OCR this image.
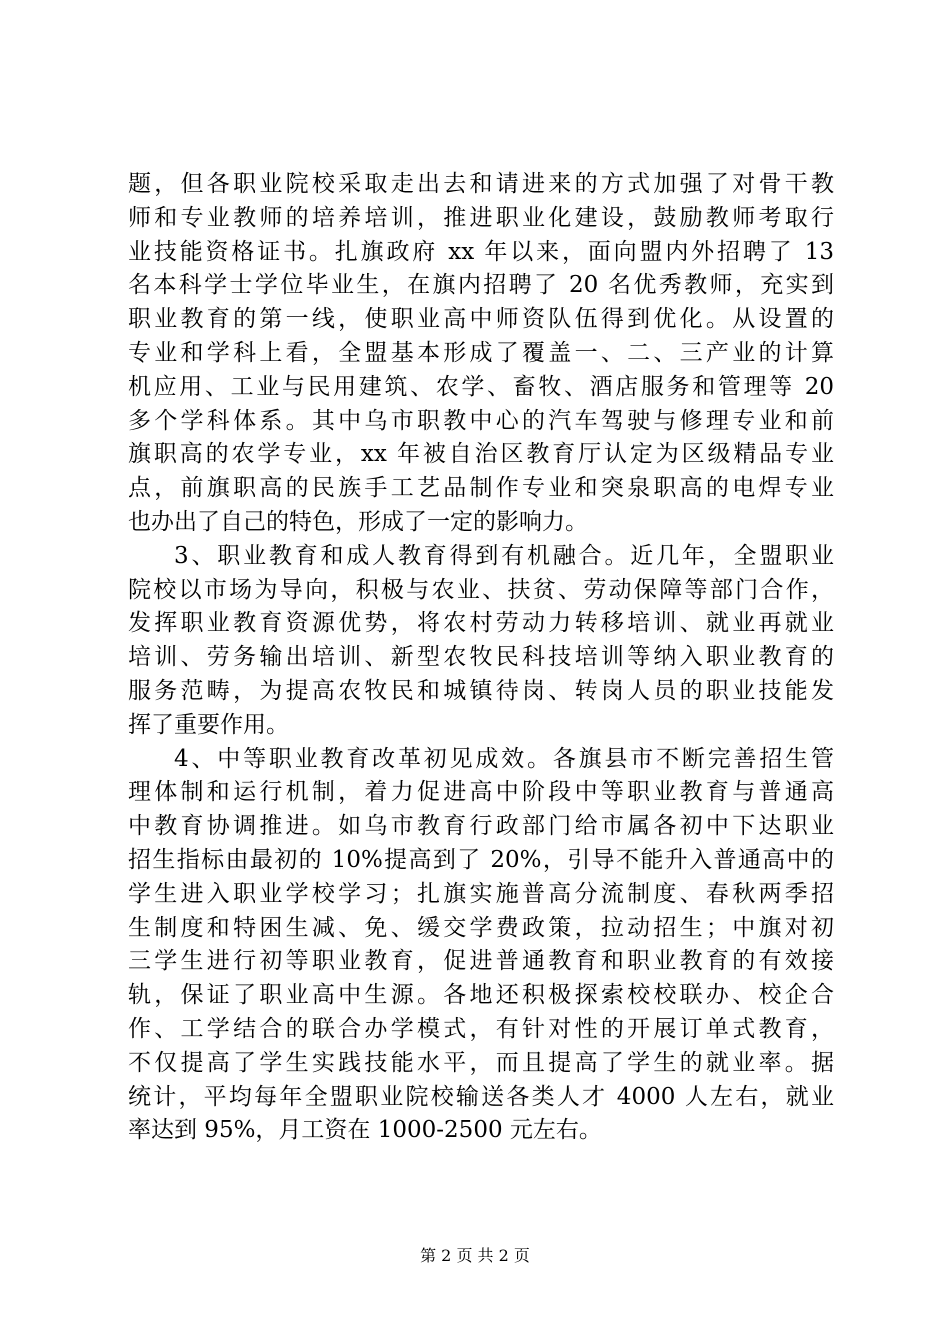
题，但各职业院校采取走出去和请进来的方式加强了对骨干教
师和专业教师的培养培训，推进职业化建设，鼓励教师考取行
业技能资格证书。扎旗政府 xx 年以来，面向盟内外招聘了 13
名本科学士学位毕业生，在旗内招聘了 20 名优秀教师，充实到
职业教育的第一线，使职业高中师资队伍得到优化。从设置的
专业和学科上看，全盟基本形成了覆盖一、二、三产业的计算
机应用、工业与民用建筑、农学、畜牧、酒店服务和管理等 20
多个学科体系。其中乌市职教中心的汽车驾驶与修理专业和前
旗职高的农学专业，xx 年被自治区教育厅认定为区级精品专业
点，前旗职高的民族手工艺品制作专业和突泉职高的电焊专业
也办出了自己的特色，形成了一定的影响力。
3、职业教育和成人教育得到有机融合。近几年，全盟职业
院校以市场为导向，积极与农业、扶贫、劳动保障等部门合作，
发挥职业教育资源优势，将农村劳动力转移培训、就业再就业
培训、劳务输出培训、新型农牧民科技培训等纳入职业教育的
服务范畴，为提高农牧民和城镇待岗、转岗人员的职业技能发
挥了重要作用。
4、中等职业教育改革初见成效。各旗县市不断完善招生管
理体制和运行机制，着力促进高中阶段中等职业教育与普通高
中教育协调推进。如乌市教育行政部门给市属各初中下达职业
招生指标由最初的 10%提高到了 20%，引导不能升入普通高中的
学生进入职业学校学习；扎旗实施普高分流制度、春秋两季招
生制度和特困生减、免、缓交学费政策，拉动招生；中旗对初
三学生进行初等职业教育，促进普通教育和职业教育的有效接
轨，保证了职业高中生源。各地还积极探索校校联办、校企合
作、工学结合的联合办学模式，有针对性的开展订单式教育，
不仅提高了学生实践技能水平，而且提高了学生的就业率。据
统计，平均每年全盟职业院校输送各类人才 4000 人左右，就业
率达到 95%，月工资在 1000-2500 元左右。
第 2 页 共 2 页
